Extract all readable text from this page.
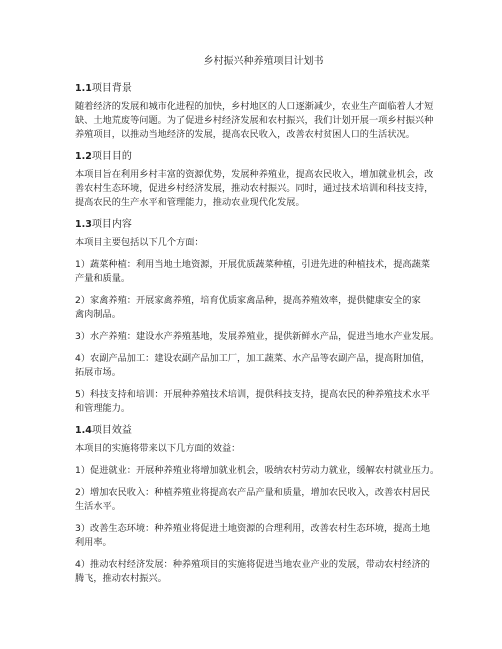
乡村振兴种养殖项目计划书
1.1项目背景
随着经济的发展和城市化进程的加快，乡村地区的人口逐渐减少，农业生产面临着人才短
缺、土地荒废等问题。为了促进乡村经济发展和农村振兴，我们计划开展一项乡村振兴种
养殖项目，以推动当地经济的发展，提高农民收入，改善农村贫困人口的生活状况。
1.2项目目的
本项目旨在利用乡村丰富的资源优势，发展种养殖业，提高农民收入，增加就业机会，改
善农村生态环境，促进乡村经济发展，推动农村振兴。同时，通过技术培训和科技支持，
提高农民的生产水平和管理能力，推动农业现代化发展。
1.3项目内容
本项目主要包括以下几个方面：
1）蔬菜种植：利用当地土地资源，开展优质蔬菜种植，引进先进的种植技术，提高蔬菜
产量和质量。
2）家禽养殖：开展家禽养殖，培育优质家禽品种，提高养殖效率，提供健康安全的家
禽肉制品。
3）水产养殖：建设水产养殖基地，发展养殖业，提供新鲜水产品，促进当地水产业发展。
4）农副产品加工：建设农副产品加工厂，加工蔬菜、水产品等农副产品，提高附加值，
拓展市场。
5）科技支持和培训：开展种养殖技术培训，提供科技支持，提高农民的种养殖技术水平
和管理能力。
1.4项目效益
本项目的实施将带来以下几方面的效益：
1）促进就业：开展种养殖业将增加就业机会，吸纳农村劳动力就业，缓解农村就业压力。
2）增加农民收入：种植养殖业将提高农产品产量和质量，增加农民收入，改善农村居民
生活水平。
3）改善生态环境：种养殖业将促进土地资源的合理利用，改善农村生态环境，提高土地
利用率。
4）推动农村经济发展：种养殖项目的实施将促进当地农业产业的发展，带动农村经济的
腾飞，推动农村振兴。
